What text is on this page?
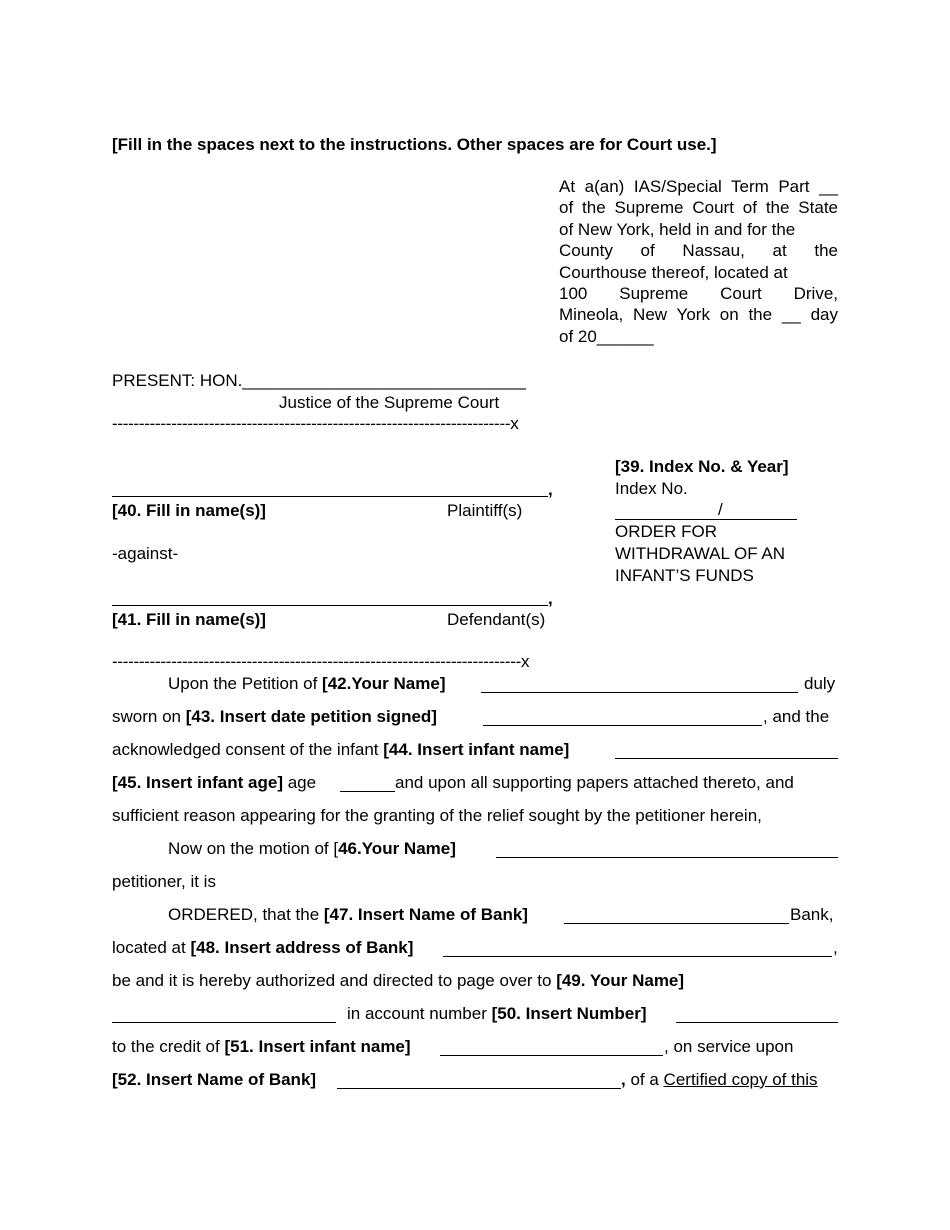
[Fill in the spaces next to the instructions. Other spaces are for Court use.]
At a(an) IAS/Special Term Part __
of the Supreme Court of the State
of New York, held in and for the
County of Nassau, at the
Courthouse thereof, located at
100 Supreme Court Drive,
Mineola, New York on the __ day
of 20______
PRESENT: HON.______________________________
Justice of the Supreme Court
--------------------------------------------------------------------------x
,
[40. Fill in name(s)]	Plaintiff(s)
-against-
,
[41. Fill in name(s)]	Defendant(s)
----------------------------------------------------------------------------x
[39. Index No. & Year]
Index No.
/
ORDER FOR
WITHDRAWAL OF AN
INFANT’S FUNDS
Upon the Petition of [42.Your Name]	duly
sworn on [43. Insert date petition signed]	, and the
acknowledged consent of the infant [44. Insert infant name]
[45. Insert infant age] age	and upon all supporting papers attached thereto, and
sufficient reason appearing for the granting of the relief sought by the petitioner herein,
Now on the motion of [46.Your Name]
petitioner, it is
ORDERED, that the [47. Insert Name of Bank]	Bank,
located at [48. Insert address of Bank]	,
be and it is hereby authorized and directed to page over to [49. Your Name]
in account number [50. Insert Number]
to the credit of [51. Insert infant name]	, on service upon
[52. Insert Name of Bank]	, of a Certified copy of this
